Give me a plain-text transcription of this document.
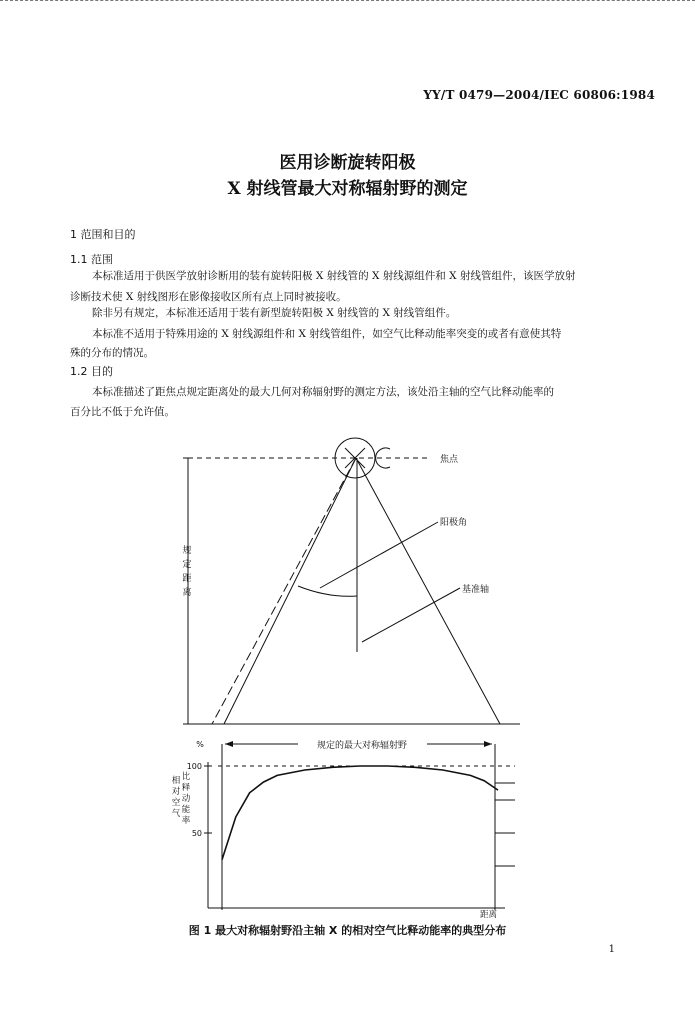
YY/T 0479—2004/IEC 60806:1984
医用诊断旋转阳极
X 射线管最大对称辐射野的测定
1 范围和目的
1.1 范围
本标准适用于供医学放射诊断用的装有旋转阳极 X 射线管的 X 射线源组件和 X 射线管组件，该医学放射
诊断技术使 X 射线图形在影像接收区所有点上同时被接收。
除非另有规定，本标准还适用于装有新型旋转阳极 X 射线管的 X 射线管组件。
本标准不适用于特殊用途的 X 射线源组件和 X 射线管组件，如空气比释动能率突变的或者有意使其特
殊的分布的情况。
1.2 目的
本标准描述了距焦点规定距离处的最大几何对称辐射野的测定方法，该处沿主轴的空气比释动能率的
百分比不低于允许值。
焦点
阳极角
基准轴
规
定
距
离
规定的最大对称辐射野
%
100
50
相
对
空
气
比
释
动
能
率
距离
图 1 最大对称辐射野沿主轴 X 的相对空气比释动能率的典型分布
1
